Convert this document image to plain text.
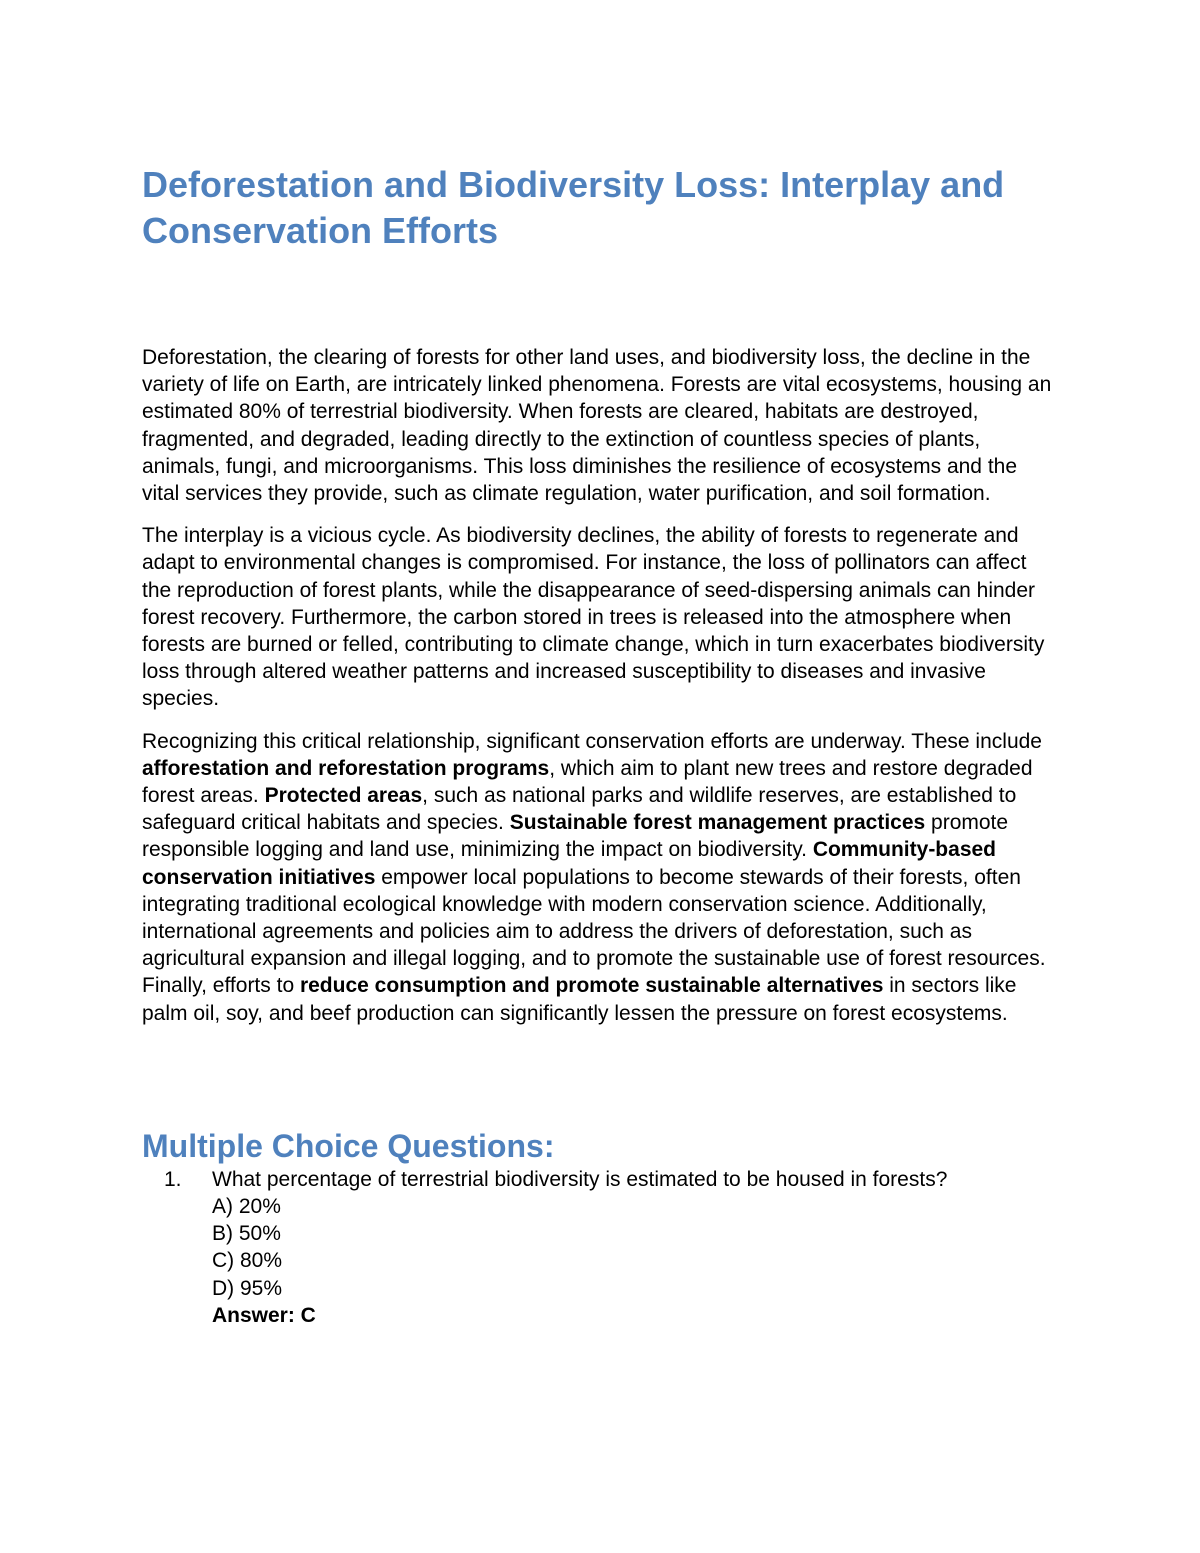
Deforestation and Biodiversity Loss: Interplay and Conservation Efforts

Deforestation, the clearing of forests for other land uses, and biodiversity loss, the decline in the variety of life on Earth, are intricately linked phenomena. Forests are vital ecosystems, housing an estimated 80% of terrestrial biodiversity. When forests are cleared, habitats are destroyed, fragmented, and degraded, leading directly to the extinction of countless species of plants, animals, fungi, and microorganisms. This loss diminishes the resilience of ecosystems and the vital services they provide, such as climate regulation, water purification, and soil formation.

The interplay is a vicious cycle. As biodiversity declines, the ability of forests to regenerate and adapt to environmental changes is compromised. For instance, the loss of pollinators can affect the reproduction of forest plants, while the disappearance of seed-dispersing animals can hinder forest recovery. Furthermore, the carbon stored in trees is released into the atmosphere when forests are burned or felled, contributing to climate change, which in turn exacerbates biodiversity loss through altered weather patterns and increased susceptibility to diseases and invasive species.

Recognizing this critical relationship, significant conservation efforts are underway. These include afforestation and reforestation programs, which aim to plant new trees and restore degraded forest areas. Protected areas, such as national parks and wildlife reserves, are established to safeguard critical habitats and species. Sustainable forest management practices promote responsible logging and land use, minimizing the impact on biodiversity. Community-based conservation initiatives empower local populations to become stewards of their forests, often integrating traditional ecological knowledge with modern conservation science. Additionally, international agreements and policies aim to address the drivers of deforestation, such as agricultural expansion and illegal logging, and to promote the sustainable use of forest resources. Finally, efforts to reduce consumption and promote sustainable alternatives in sectors like palm oil, soy, and beef production can significantly lessen the pressure on forest ecosystems.

Multiple Choice Questions:
1. What percentage of terrestrial biodiversity is estimated to be housed in forests?
A) 20%
B) 50%
C) 80%
D) 95%
Answer: C
